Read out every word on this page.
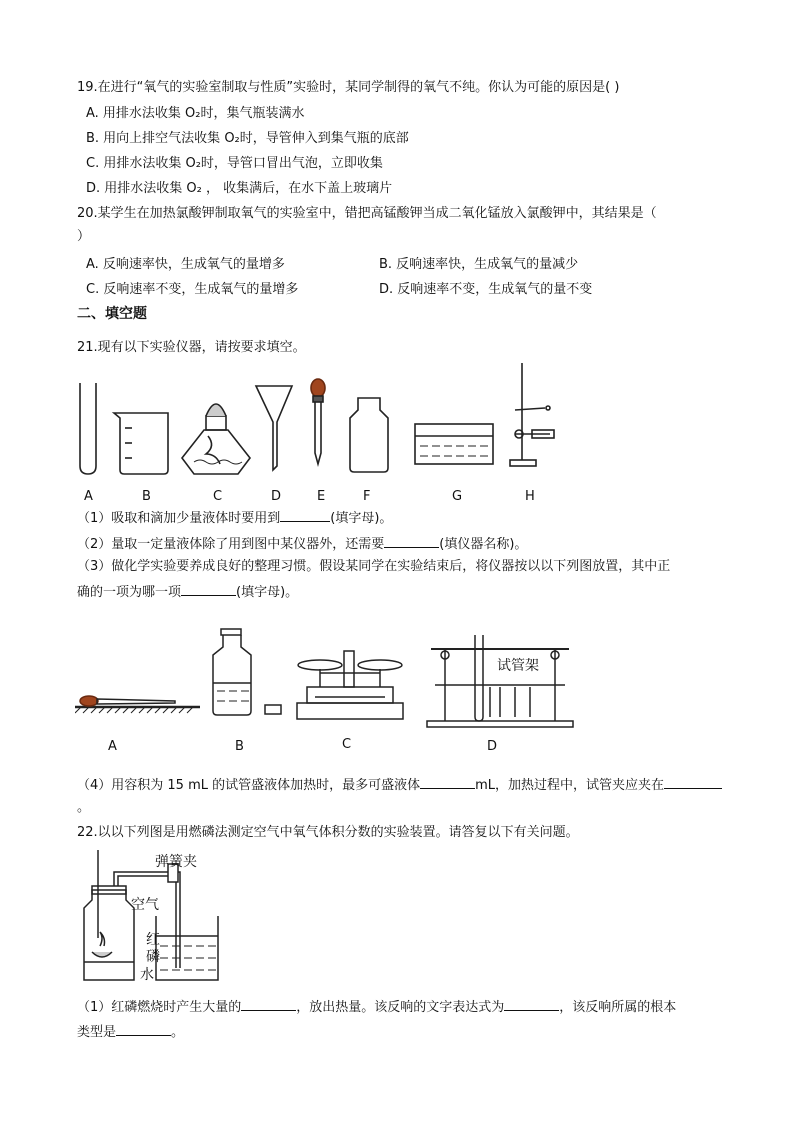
19.在进行“氧气的实验室制取与性质”实验时，某同学制得的氧气不纯。你认为可能的原因是( )
A. 用排水法收集 O₂时，集气瓶装满水
B. 用向上排空气法收集 O₂时，导管伸入到集气瓶的底部
C. 用排水法收集 O₂时，导管口冒出气泡，立即收集
D. 用排水法收集 O₂ ， 收集满后，在水下盖上玻璃片
20.某学生在加热氯酸钾制取氧气的实验室中，错把高锰酸钾当成二氧化锰放入氯酸钾中，其结果是（
）
A. 反响速率快，生成氧气的量增多	B. 反响速率快，生成氧气的量减少
C. 反响速率不变，生成氧气的量增多	D. 反响速率不变，生成氧气的量不变
二、填空题
21.现有以下实验仪器，请按要求填空。
A	B	C	D	E	F	G	H
（1）吸取和滴加少量液体时要用到	(填字母)。
（2）量取一定量液体除了用到图中某仪器外，还需要	(填仪器名称)。
（3）做化学实验要养成良好的整理习惯。假设某同学在实验结束后，将仪器按以以下列图放置，其中正
确的一项为哪一项	(填字母)。
试管架
A	B	C	D
（4）用容积为 15 mL 的试管盛液体加热时，最多可盛液体	mL，加热过程中，试管夹应夹在
。
22.以以下列图是用燃磷法测定空气中氧气体积分数的实验装置。请答复以下有关问题。
弹簧夹
空气
红
磷
水
（1）红磷燃烧时产生大量的	，放出热量。该反响的文字表达式为	，该反响所属的根本
类型是	。
